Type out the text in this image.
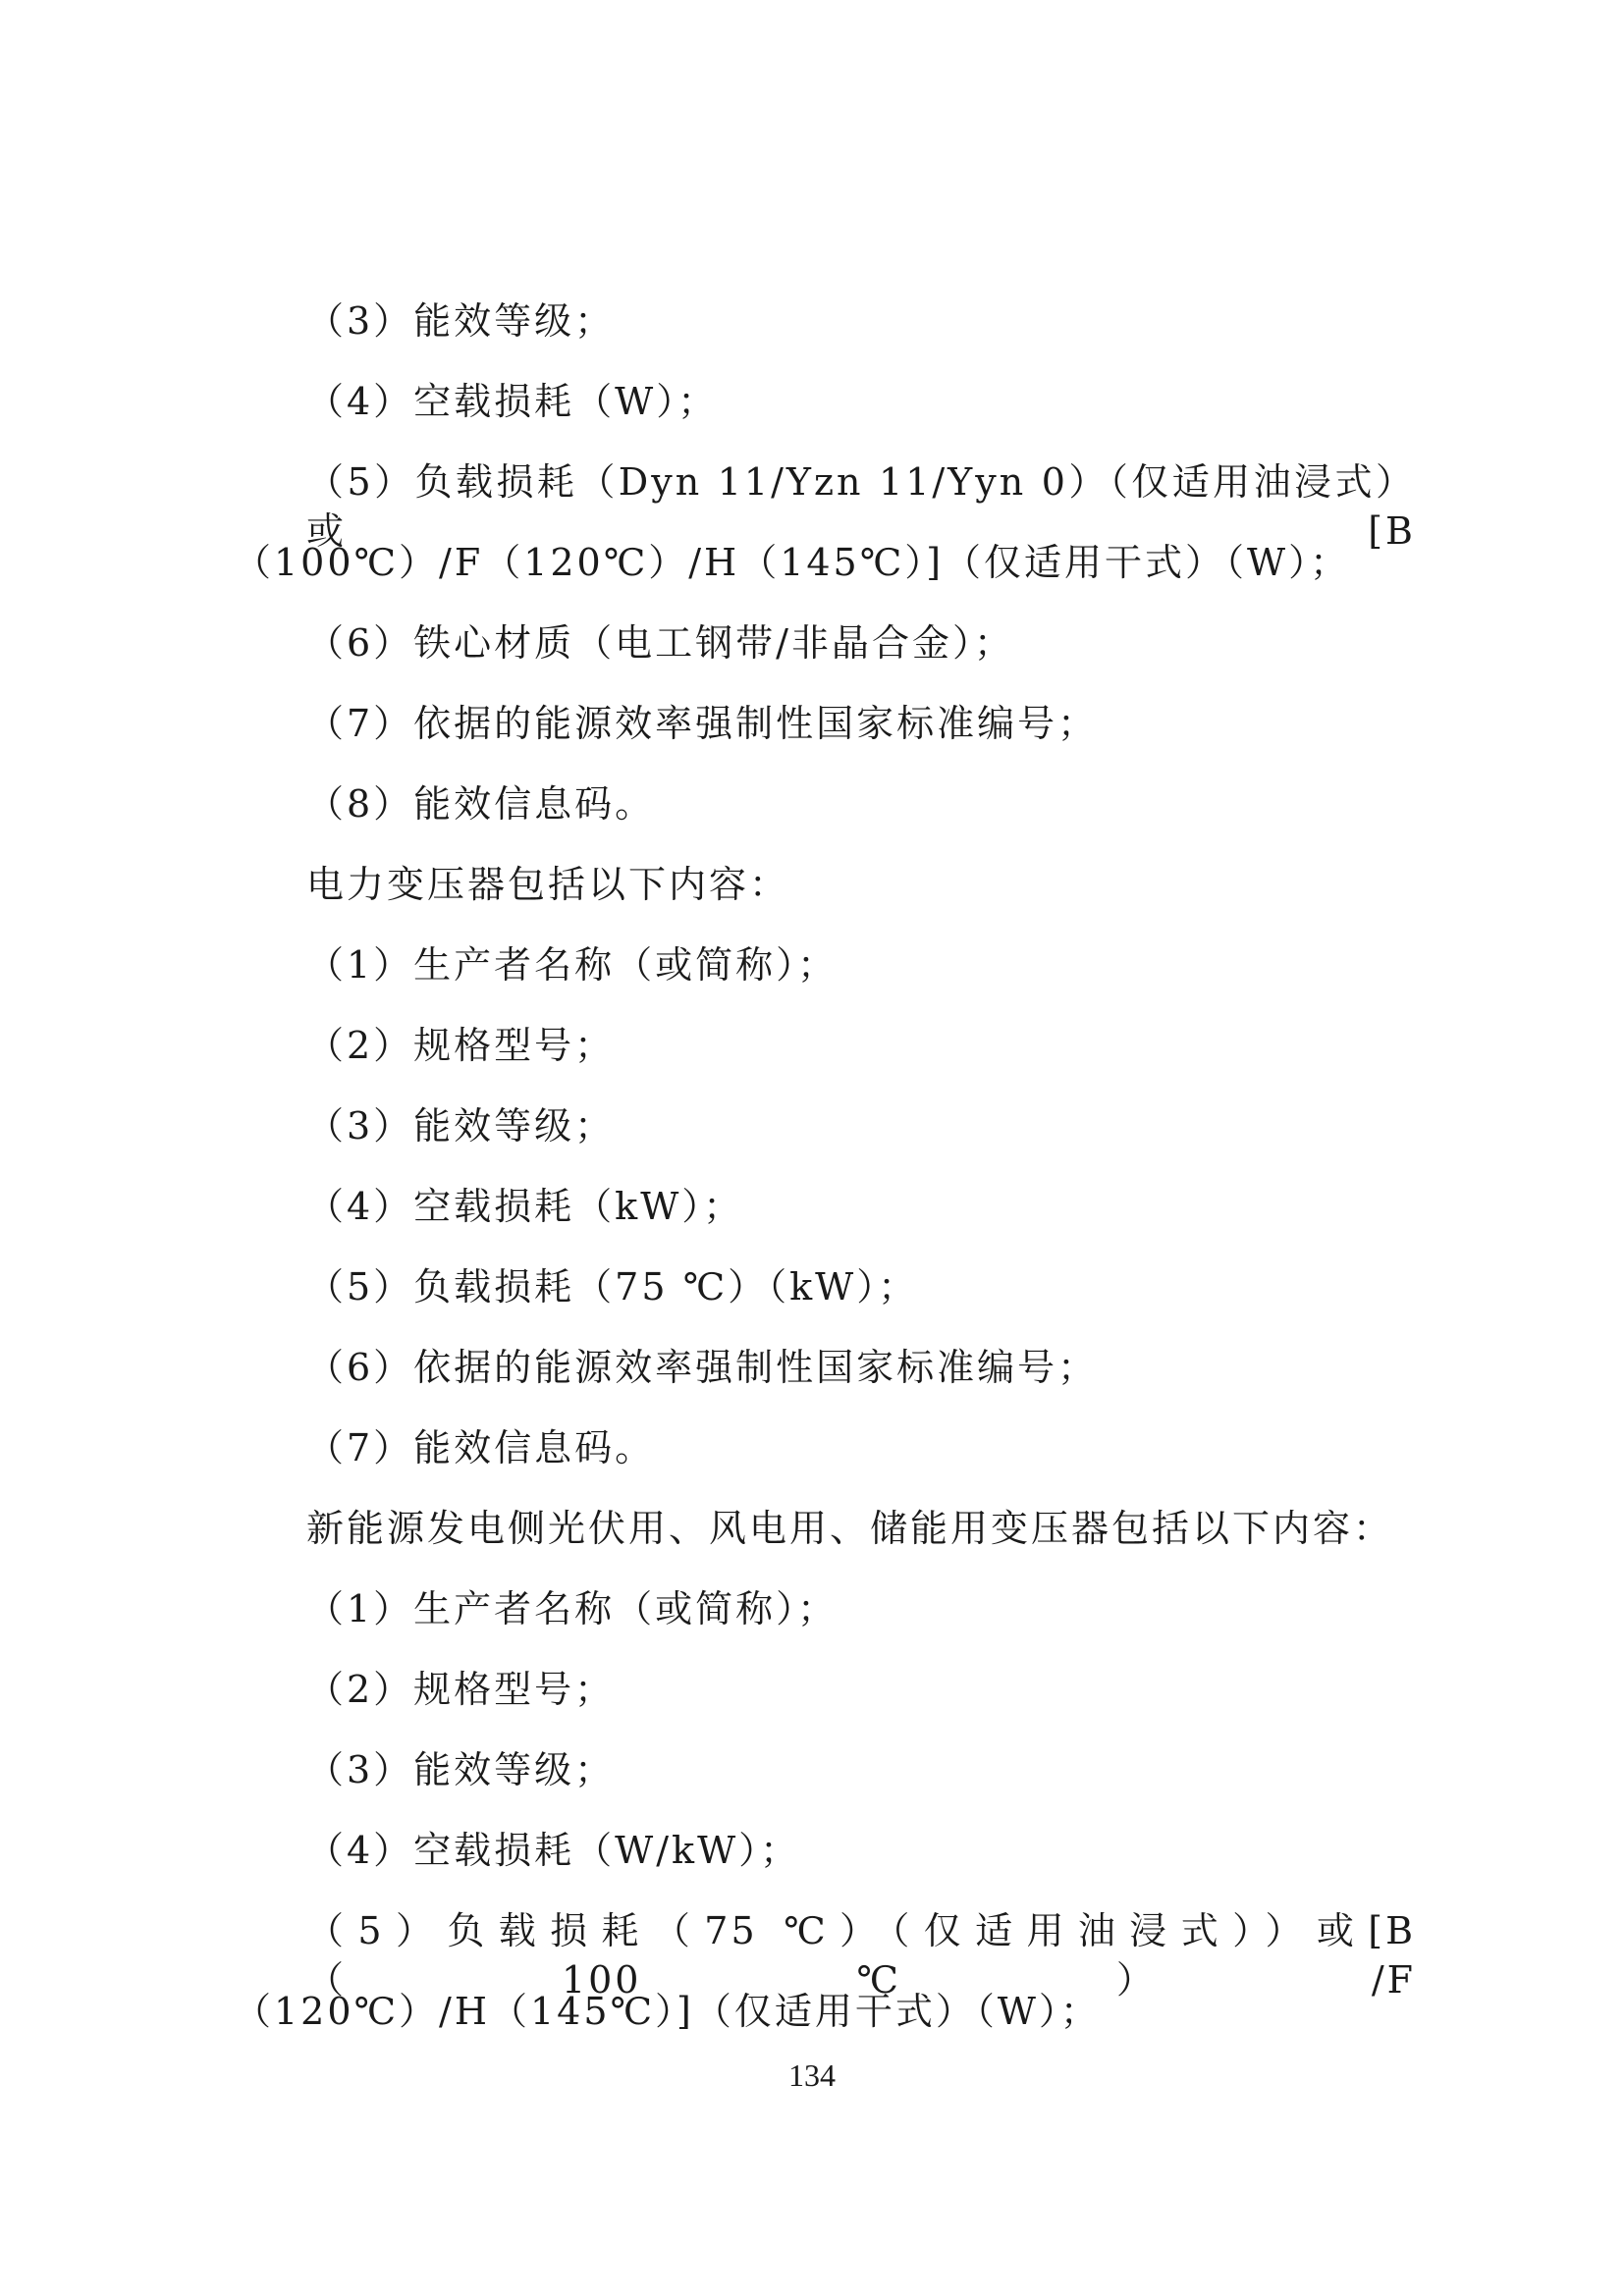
（3）能效等级；
（4）空载损耗（W）；
（5）负载损耗（Dyn 11/Yzn 11/Yyn 0）（仅适用油浸式）或[B
（100℃）/F（120℃）/H（145℃）]（仅适用干式）（W）；
（6）铁心材质（电工钢带/非晶合金）；
（7）依据的能源效率强制性国家标准编号；
（8）能效信息码。
电力变压器包括以下内容：
（1）生产者名称（或简称）；
（2）规格型号；
（3）能效等级；
（4）空载损耗（kW）；
（5）负载损耗（75 ℃）（kW）；
（6）依据的能源效率强制性国家标准编号；
（7）能效信息码。
新能源发电侧光伏用、风电用、储能用变压器包括以下内容：
（1）生产者名称（或简称）；
（2）规格型号；
（3）能效等级；
（4）空载损耗（W/kW）；
（5）负载损耗（75 ℃）（仅适用油浸式））或[B（100℃）/F
（120℃）/H（145℃）]（仅适用干式）（W）；
134
